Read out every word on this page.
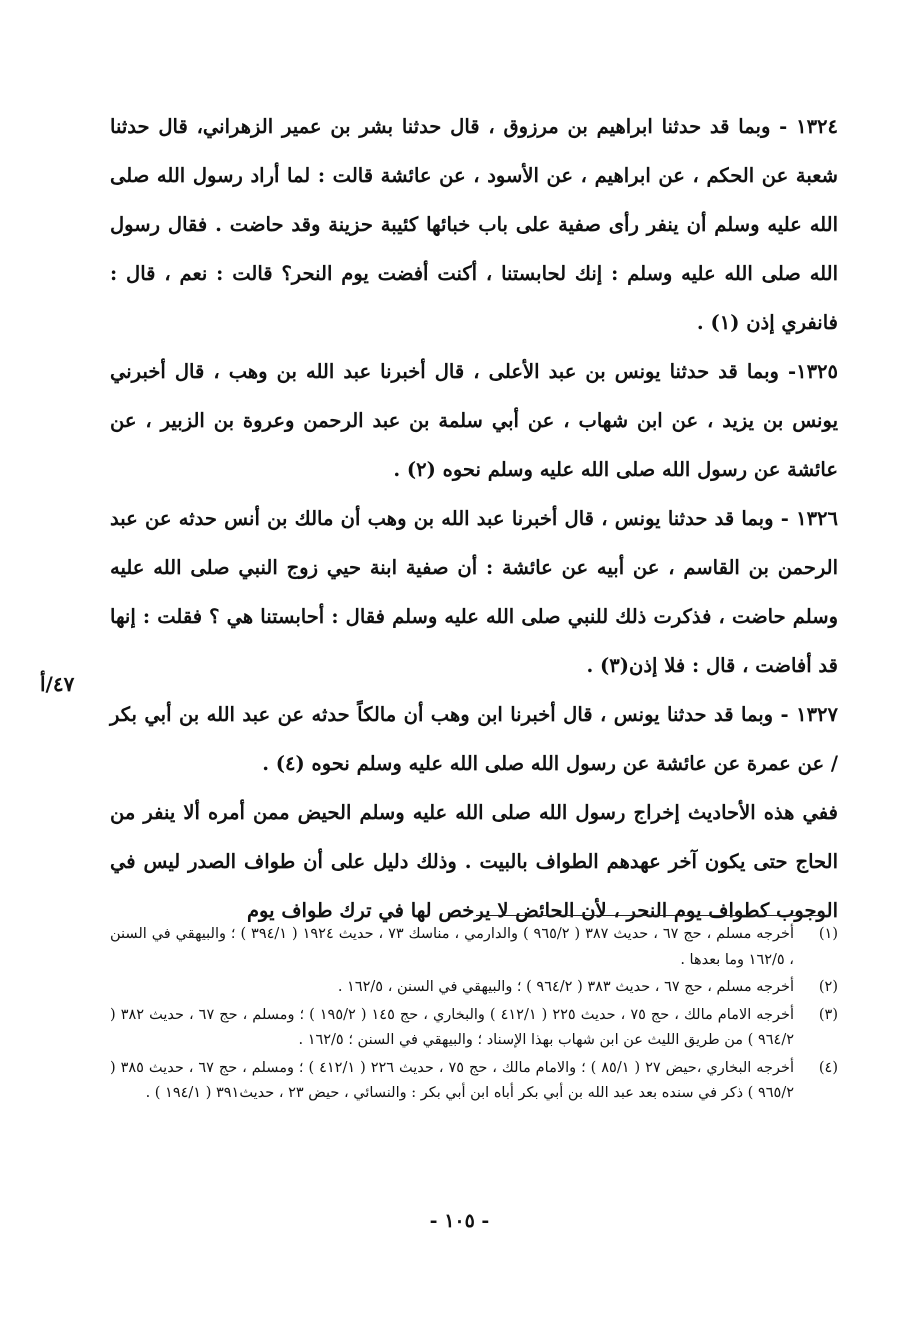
١٣٢٤ - وبما قد حدثنا ابراهيم بن مرزوق ، قال حدثنا بشر بن عمير الزهراني، قال حدثنا شعبة عن الحكم ، عن ابراهيم ، عن الأسود ، عن عائشة قالت : لما أراد رسول الله صلى الله عليه وسلم أن ينفر رأى صفية على باب خبائها كئيبة حزينة وقد حاضت . فقال رسول الله صلى الله عليه وسلم : إنك لحابستنا ، أكنت أفضت يوم النحر؟ قالت : نعم ، قال : فانفري إذن (١) .

١٣٢٥- وبما قد حدثنا يونس بن عبد الأعلى ، قال أخبرنا عبد الله بن وهب ، قال أخبرني يونس بن يزيد ، عن ابن شهاب ، عن أبي سلمة بن عبد الرحمن وعروة بن الزبير ، عن عائشة عن رسول الله صلى الله عليه وسلم نحوه (٢) .

١٣٢٦ - وبما قد حدثنا يونس ، قال أخبرنا عبد الله بن وهب أن مالك بن أنس حدثه عن عبد الرحمن بن القاسم ، عن أبيه عن عائشة : أن صفية ابنة حيي زوج النبي صلى الله عليه وسلم حاضت ، فذكرت ذلك للنبي صلى الله عليه وسلم فقال : أحابستنا هي ؟ فقلت : إنها قد أفاضت ، قال : فلا إذن(٣) .

١٣٢٧ - وبما قد حدثنا يونس ، قال أخبرنا ابن وهب أن مالكاً حدثه عن عبد الله بن أبي بكر / عن عمرة عن عائشة عن رسول الله صلى الله عليه وسلم نحوه (٤) .

ففي هذه الأحاديث إخراج رسول الله صلى الله عليه وسلم الحيض ممن أمره ألا ينفر من الحاج حتى يكون آخر عهدهم الطواف بالبيت . وذلك دليل على أن طواف الصدر ليس في الوجوب كطواف يوم النحر ، لأن الحائض لا يرخص لها في ترك طواف يوم

٤٧/أ
(١)
أخرجه مسلم ، حج ٦٧ ، حديث ٣٨٧ ( ٩٦٥/٢ ) والدارمي ، مناسك ٧٣ ، حديث ١٩٢٤ ( ٣٩٤/١ ) ؛ والبيهقي في السنن ، ١٦٢/٥ وما بعدها .
(٢)
أخرجه مسلم ، حج ٦٧ ، حديث ٣٨٣ ( ٩٦٤/٢ ) ؛ والبيهقي في السنن ، ١٦٢/٥ .
(٣)
أخرجه الامام مالك ، حج ٧٥ ، حديث ٢٢٥ ( ٤١٢/١ ) والبخاري ، حج ١٤٥ ( ١٩٥/٢ ) ؛ ومسلم ، حج ٦٧ ، حديث ٣٨٢ ( ٩٦٤/٢ ) من طريق الليث عن ابن شهاب بهذا الإسناد ؛ والبيهقي في السنن ؛ ١٦٢/٥ .
(٤)
أخرجه البخاري ،حيض ٢٧ ( ٨٥/١ ) ؛ والامام مالك ، حج ٧٥ ، حديث ٢٢٦ ( ٤١٢/١ ) ؛ ومسلم ، حج ٦٧ ، حديث ٣٨٥ ( ٩٦٥/٢ ) ذكر في سنده بعد عبد الله بن أبي بكر أباه ابن أبي بكر : والنسائي ، حيض ٢٣ ، حديث٣٩١ ( ١٩٤/١ ) .
- ١٠٥ -
